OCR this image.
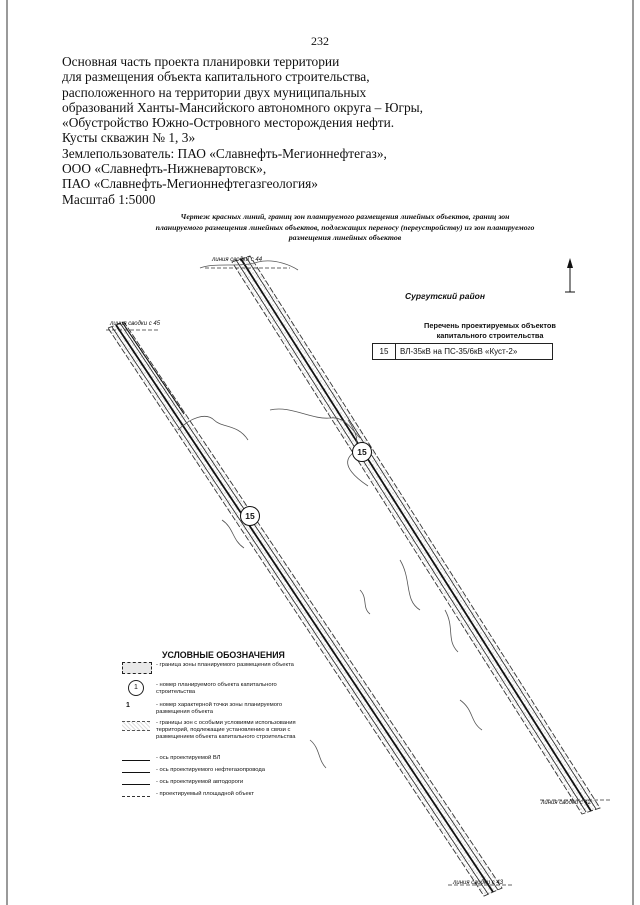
232
Основная часть проекта планировки территории
для размещения объекта капитального строительства,
расположенного на территории двух муниципальных
образований Ханты-Мансийского автономного округа – Югры,
«Обустройство Южно-Островного месторождения нефти.
Кусты скважин № 1, 3»
Землепользователь: ПАО «Славнефть-Мегионнефтегаз»,
ООО «Славнефть-Нижневартовск»,
ПАО «Славнефть-Мегионнефтегазгеология»
Масштаб 1:5000
Чертеж красных линий, границ зон планируемого размещения линейных объектов, границ зон
планируемого размещения линейных объектов, подлежащих переносу (переустройству) из зон планируемого
размещения линейных объектов
линия сводки с 44
линия сводки с 45
линия сводки с 42
линия сводки с 43
15
15
Сургутский район
Перечень проектируемых объектов капитального строительства
15	ВЛ-35кВ на ПС-35/6кВ «Куст-2»
УСЛОВНЫЕ ОБОЗНАЧЕНИЯ
- граница зоны планируемого размещения объекта
1	- номер планируемого объекта капитального строительства
1	- номер характерной точки зоны планируемого размещения объекта
- границы зон с особыми условиями использования территорий, подлежащие установлению в связи с размещением объекта капитального строительства
- ось проектируемой ВЛ
- ось проектируемого нефтегазопровода
- ось проектируемой автодороги
- проектируемый площадной объект
